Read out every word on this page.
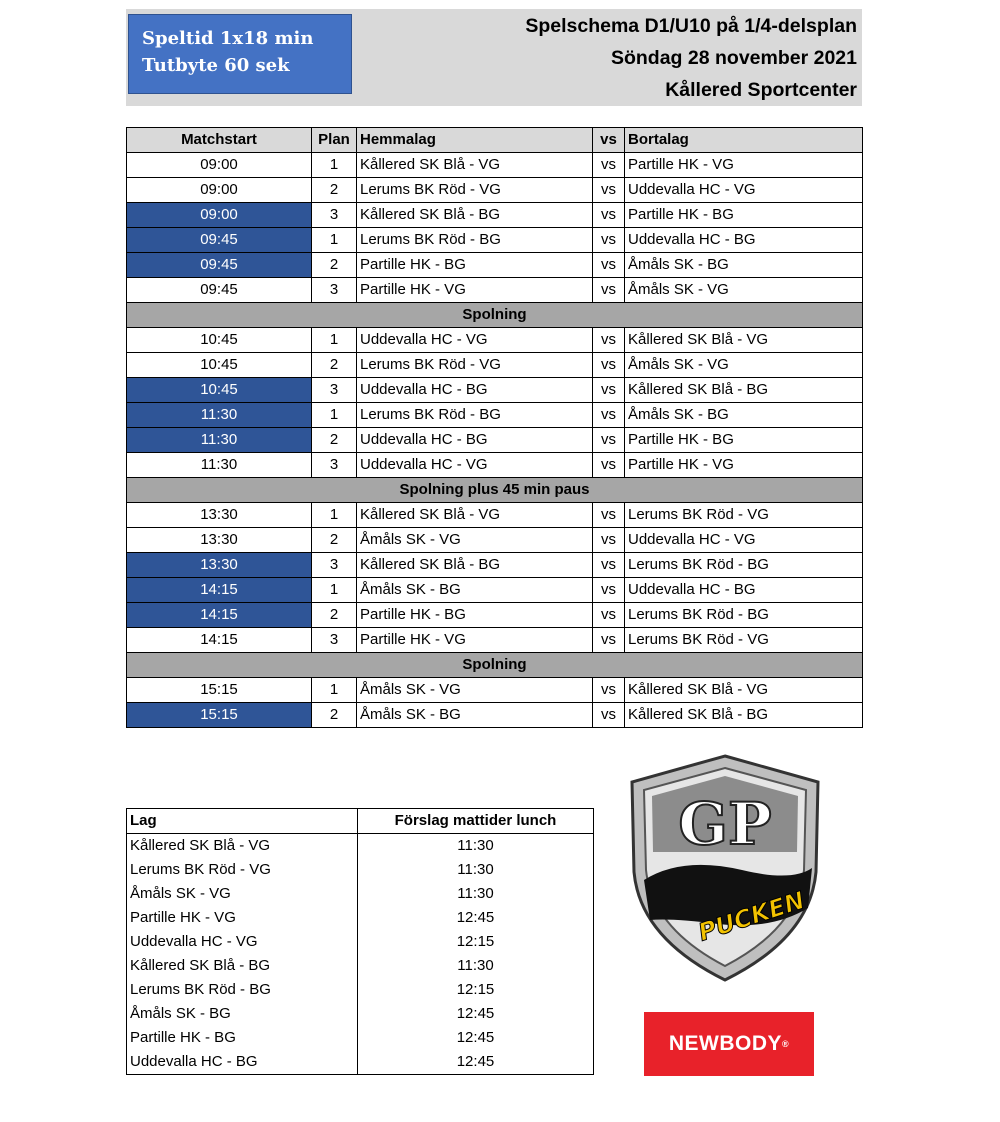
Speltid 1x18 min
Tutbyte 60 sek
Spelschema D1/U10 på 1/4-delsplan
Söndag 28 november 2021
Kållered Sportcenter
Matchstart	Plan	Hemmalag	vs	Bortalag
09:00	1	Kållered SK Blå - VG	vs	Partille HK - VG
09:00	2	Lerums BK Röd - VG	vs	Uddevalla HC - VG
09:00	3	Kållered SK Blå - BG	vs	Partille HK - BG
09:45	1	Lerums BK Röd - BG	vs	Uddevalla HC - BG
09:45	2	Partille HK - BG	vs	Åmåls SK - BG
09:45	3	Partille HK - VG	vs	Åmåls SK - VG
Spolning				
10:45	1	Uddevalla HC - VG	vs	Kållered SK Blå - VG
10:45	2	Lerums BK Röd - VG	vs	Åmåls SK - VG
10:45	3	Uddevalla HC - BG	vs	Kållered SK Blå - BG
11:30	1	Lerums BK Röd - BG	vs	Åmåls SK - BG
11:30	2	Uddevalla HC - BG	vs	Partille HK - BG
11:30	3	Uddevalla HC - VG	vs	Partille HK - VG
Spolning plus 45 min paus				
13:30	1	Kållered SK Blå - VG	vs	Lerums BK Röd - VG
13:30	2	Åmåls SK - VG	vs	Uddevalla HC - VG
13:30	3	Kållered SK Blå - BG	vs	Lerums BK Röd - BG
14:15	1	Åmåls SK - BG	vs	Uddevalla HC - BG
14:15	2	Partille HK - BG	vs	Lerums BK Röd - BG
14:15	3	Partille HK - VG	vs	Lerums BK Röd - VG
Spolning				
15:15	1	Åmåls SK - VG	vs	Kållered SK Blå - VG
15:15	2	Åmåls SK - BG	vs	Kållered SK Blå - BG
Lag	Förslag mattider lunch
Kållered SK Blå - VG	11:30
Lerums BK Röd - VG	11:30
Åmåls SK - VG	11:30
Partille HK - VG	12:45
Uddevalla HC - VG	12:15
Kållered SK Blå - BG	11:30
Lerums BK Röd - BG	12:15
Åmåls SK - BG	12:45
Partille HK - BG	12:45
Uddevalla HC - BG	12:45
GP
PUCKEN
NEWBODY ®
